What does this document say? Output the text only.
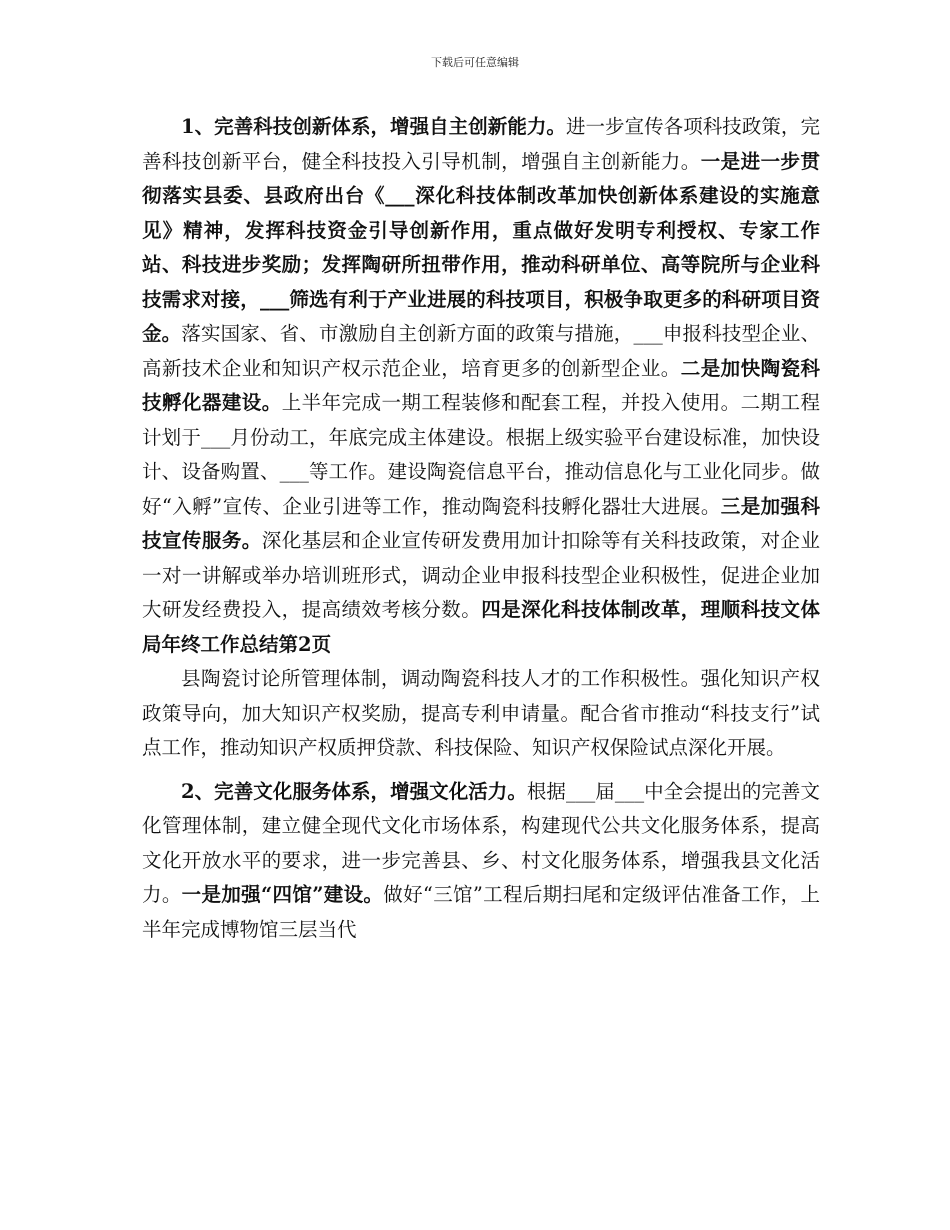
下载后可任意编辑

1、完善科技创新体系，增强自主创新能力。进一步宣传各项科技政策，完善科技创新平台，健全科技投入引导机制，增强自主创新能力。一是进一步贯彻落实县委、县政府出台《___深化科技体制改革加快创新体系建设的实施意见》精神，发挥科技资金引导创新作用，重点做好发明专利授权、专家工作站、科技进步奖励；发挥陶研所扭带作用，推动科研单位、高等院所与企业科技需求对接，___筛选有利于产业进展的科技项目，积极争取更多的科研项目资金。落实国家、省、市激励自主创新方面的政策与措施，___申报科技型企业、高新技术企业和知识产权示范企业，培育更多的创新型企业。二是加快陶瓷科技孵化器建设。上半年完成一期工程装修和配套工程，并投入使用。二期工程计划于___月份动工，年底完成主体建设。根据上级实验平台建设标准，加快设计、设备购置、___等工作。建设陶瓷信息平台，推动信息化与工业化同步。做好“入孵”宣传、企业引进等工作，推动陶瓷科技孵化器壮大进展。三是加强科技宣传服务。深化基层和企业宣传研发费用加计扣除等有关科技政策，对企业一对一讲解或举办培训班形式，调动企业申报科技型企业积极性，促进企业加大研发经费投入，提高绩效考核分数。四是深化科技体制改革，理顺科技文体局年终工作总结第2页

县陶瓷讨论所管理体制，调动陶瓷科技人才的工作积极性。强化知识产权政策导向，加大知识产权奖励，提高专利申请量。配合省市推动“科技支行”试点工作，推动知识产权质押贷款、科技保险、知识产权保险试点深化开展。

2、完善文化服务体系，增强文化活力。根据___届___中全会提出的完善文化管理体制，建立健全现代文化市场体系，构建现代公共文化服务体系，提高文化开放水平的要求，进一步完善县、乡、村文化服务体系，增强我县文化活力。一是加强“四馆”建设。做好“三馆”工程后期扫尾和定级评估准备工作，上半年完成博物馆三层当代
